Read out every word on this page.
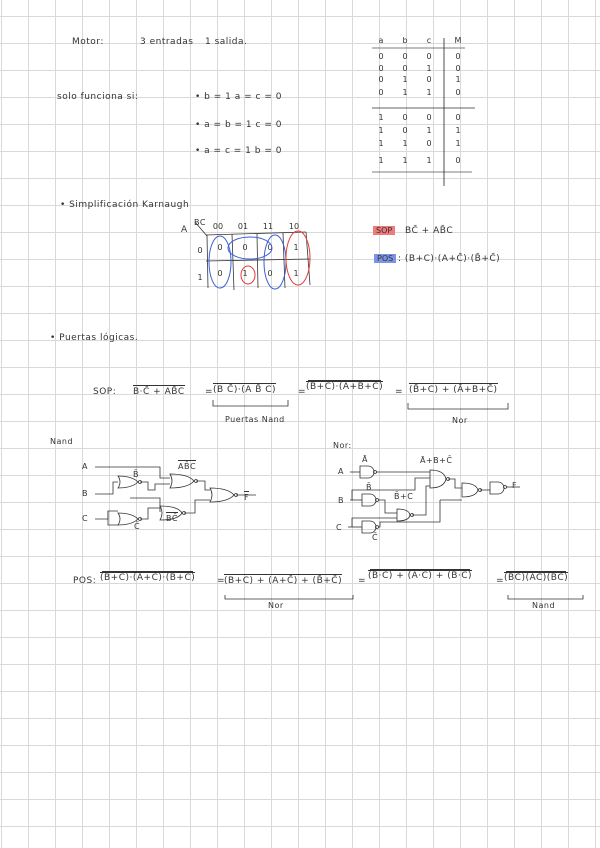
Motor:	3 entradas 1 salida.
solo funciona si:	• b = 1 a = c = 0
• a = b = 1 c = 0
• a = c = 1 b = 0
a	b	c	M
0	0	0	0
0	0	1	0
0	1	0	1
0	1	1	0
1	0	0	0
1	0	1	1
1	1	0	1
1	1	1	0
• Simplificación Karnaugh
A
BC 00 01 11 10
0
1
0	0	0	1
0	1	0	1
SOP	BC̄ + AB̄C
POS : (B+C)·(A+C̄)·(B̄+C̄)
• Puertas lógicas.
SOP: B·C̄ + AB̄C = (B C̄)·(A B̄ C) = (B̄+C)·(Ā+B+C̄) = (B̄+C) + (Ā+B+C̄)
Puertas Nand	Nor
Nand
A
B
C
B̄
C̄
AB̄C
BC̄
F
Nor:
A
B
C
Ā
B̄
C̄
Ā+B+C̄
B̄+C
F
POS: (B+C)·(A+C̄)·(B̄+C̄) =
(B+C) + (A+C̄) + (B̄+C̄) = (B̄·C̄) + (Ā·C) + (B·C)	= (B̄C̄)(ĀC)(BC)
Nor	Nand
